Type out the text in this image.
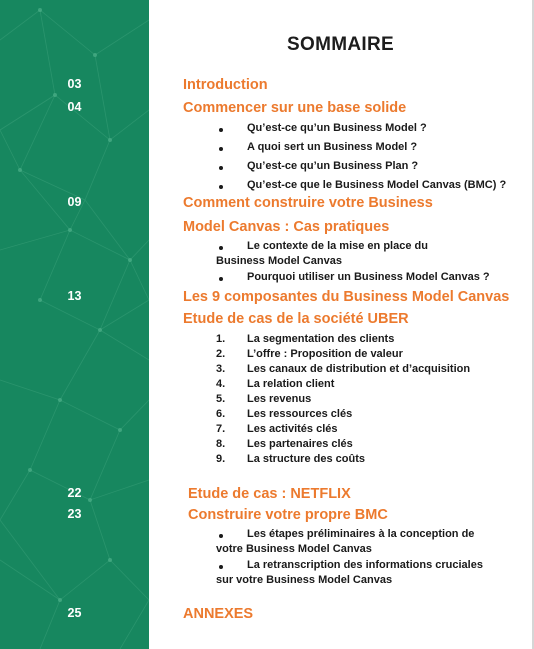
03
04
09
13
22
23
25
SOMMAIRE
Introduction
Commencer sur une base solide
Qu’est-ce qu’un Business Model ?
A quoi sert un Business Model ?
Qu’est-ce qu’un Business Plan ?
Qu’est-ce que le Business Model Canvas (BMC) ?
Comment construire votre Business
Model Canvas : Cas pratiques
Le contexte de la mise en place du
Business Model Canvas
Pourquoi utiliser un Business Model Canvas ?
Les 9 composantes du Business Model Canvas
Etude de cas de la société UBER
1. La segmentation des clients
2. L’offre : Proposition de valeur
3. Les canaux de distribution et d’acquisition
4. La relation client
5. Les revenus
6. Les ressources clés
7. Les activités clés
8. Les partenaires clés
9. La structure des coûts
Etude de cas : NETFLIX
Construire votre propre BMC
Les étapes préliminaires à la conception de
votre Business Model Canvas
La retranscription des informations cruciales
sur votre Business Model Canvas
ANNEXES
